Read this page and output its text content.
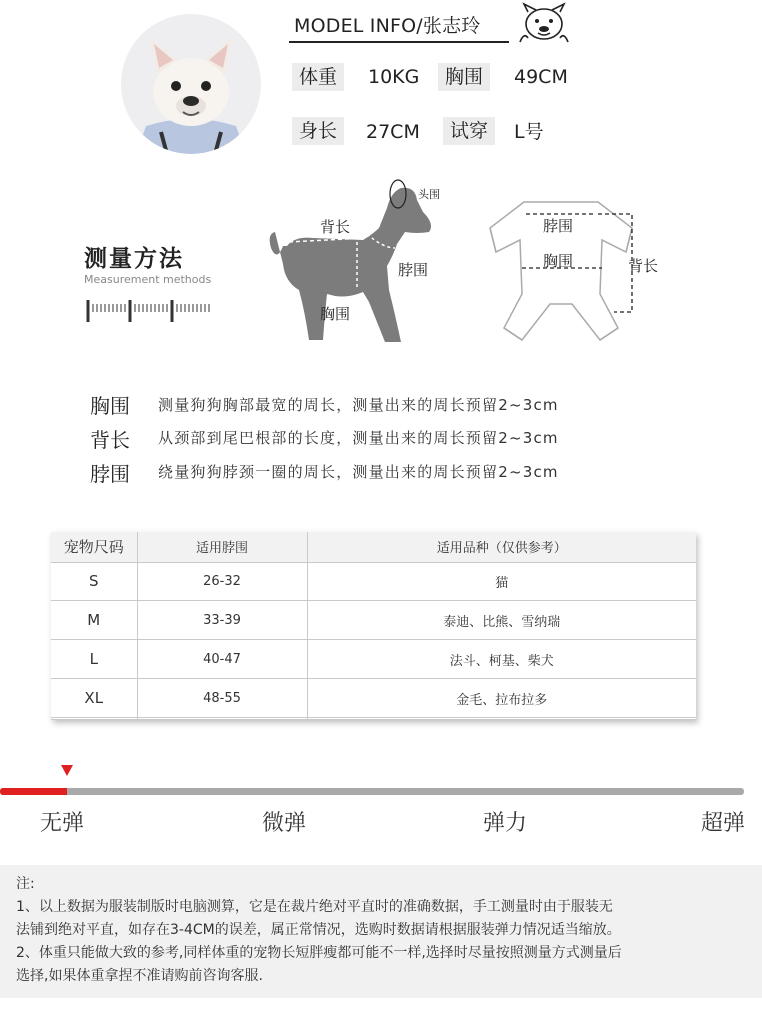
MODEL INFO/张志玲
体重	10KG	胸围	49CM
身长	27CM	试穿	L号
测量方法
Measurement methods
背长
头围
脖围
胸围
脖围
胸围	背长
胸围 测量狗狗胸部最宽的周长，测量出来的周长预留2~3cm
背长 从颈部到尾巴根部的长度，测量出来的周长预留2~3cm
脖围 绕量狗狗脖颈一圈的周长，测量出来的周长预留2~3cm
宠物尺码	适用脖围	适用品种（仅供参考）
S	26-32	猫
M	33-39	泰迪、比熊、雪纳瑞
L	40-47	法斗、柯基、柴犬
XL	48-55	金毛、拉布拉多

无弹	微弹	弹力	超弹

注:

1、以上数据为服装制版时电脑测算，它是在裁片绝对平直时的准确数据，手工测量时由于服装无

法铺到绝对平直，如存在3-4CM的误差，属正常情况，选购时数据请根据服装弹力情况适当缩放。

2、体重只能做大致的参考,同样体重的宠物长短胖瘦都可能不一样,选择时尽量按照测量方式测量后

选择,如果体重拿捏不准请购前咨询客服.
